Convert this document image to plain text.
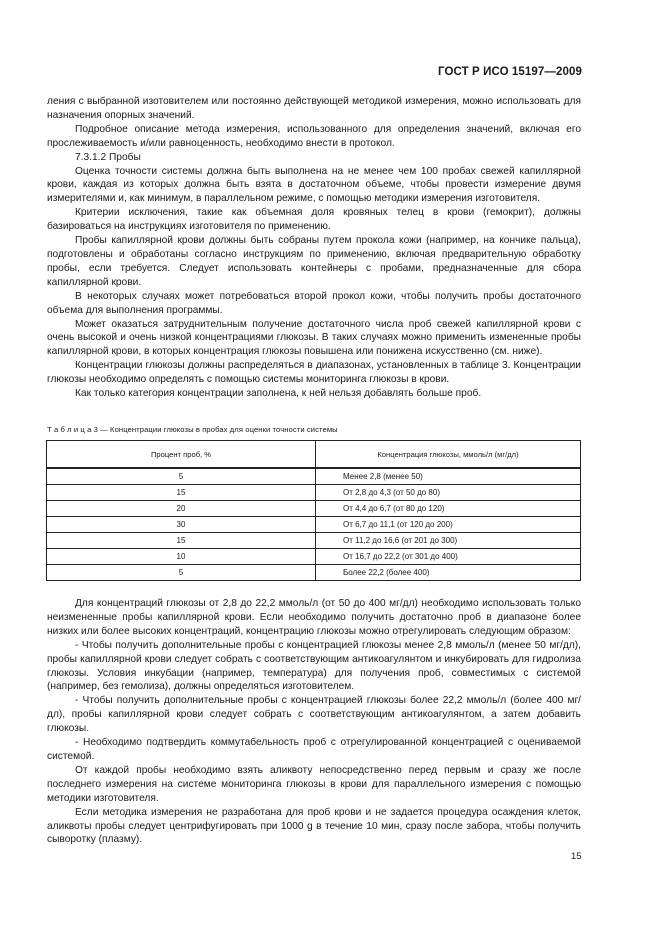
ГОСТ Р ИСО 15197—2009

ления с выбранной изотовителем или постоянно действующей методикой измерения, можно использовать для назначения опорных значений.

Подробное описание метода измерения, использованного для определения значений, включая его прослеживаемость и/или равноценность, необходимо внести в протокол.

7.3.1.2 Пробы

Оценка точности системы должна быть выполнена на не менее чем 100 пробах свежей капиллярной крови, каждая из которых должна быть взята в достаточном объеме, чтобы провести измерение двумя измерителями и, как минимум, в параллельном режиме, с помощью методики измерения изготовителя.

Критерии исключения, такие как объемная доля кровяных телец в крови (гемокрит), должны базироваться на инструкциях изготовителя по применению.

Пробы капиллярной крови должны быть собраны путем прокола кожи (например, на кончике пальца), подготовлены и обработаны согласно инструкциям по применению, включая предварительную обработку пробы, если требуется. Следует использовать контейнеры с пробами, предназначенные для сбора капиллярной крови.

В некоторых случаях может потребоваться второй прокол кожи, чтобы получить пробы достаточного объема для выполнения программы.

Может оказаться затруднительным получение достаточного числа проб свежей капиллярной крови с очень высокой и очень низкой концентрациями глюкозы. В таких случаях можно применить измененные пробы капиллярной крови, в которых концентрация глюкозы повышена или понижена искусственно (см. ниже).

Концентрации глюкозы должны распределяться в диапазонах, установленных в таблице 3. Концентрации глюкозы необходимо определять с помощью системы мониторинга глюкозы в крови.

Как только категория концентрации заполнена, к ней нельзя добавлять больше проб.

Т а б л и ц а 3 — Концентрации глюкозы в пробах для оценки точности системы
Процент проб, %	Концентрация глюкозы, ммоль/л (мг/дл)
5	Менее 2,8 (менее 50)
15	От 2,8 до 4,3 (от 50 до 80)
20	От 4,4 до 6,7 (от 80 до 120)
30	От 6,7 до 11,1 (от 120 до 200)
15	От 11,2 до 16,6 (от 201 до 300)
10	От 16,7 до 22,2 (от 301 до 400)
5	Более 22,2 (более 400)

Для концентраций глюкозы от 2,8 до 22,2 ммоль/л (от 50 до 400 мг/дл) необходимо использовать только неизмененные пробы капиллярной крови. Если необходимо получить достаточно проб в диапазоне более низких или более высоких концентраций, концентрацию глюкозы можно отрегулировать следующим образом:

- Чтобы получить дополнительные пробы с концентрацией глюкозы менее 2,8 ммоль/л (менее 50 мг/дл), пробы капиллярной крови следует собрать с соответствующим антикоагулянтом и инкубировать для гидролиза глюкозы. Условия инкубации (например, температура) для получения проб, совместимых с системой (например, без гемолиза), должны определяться изготовителем.

- Чтобы получить дополнительные пробы с концентрацией глюкозы более 22,2 ммоль/л (более 400 мг/дл), пробы капиллярной крови следует собрать с соответствующим антикоагулянтом, а затем добавить глюкозы.

- Необходимо подтвердить коммутабельность проб с отрегулированной концентрацией с оцениваемой системой.

От каждой пробы необходимо взять аликвоту непосредственно перед первым и сразу же после последнего измерения на системе мониторинга глюкозы в крови для параллельного измерения с помощью методики изготовителя.

Если методика измерения не разработана для проб крови и не задается процедура осаждения клеток, аликвоты пробы следует центрифугировать при 1000 g в течение 10 мин, сразу после забора, чтобы получить сыворотку (плазму).

15
